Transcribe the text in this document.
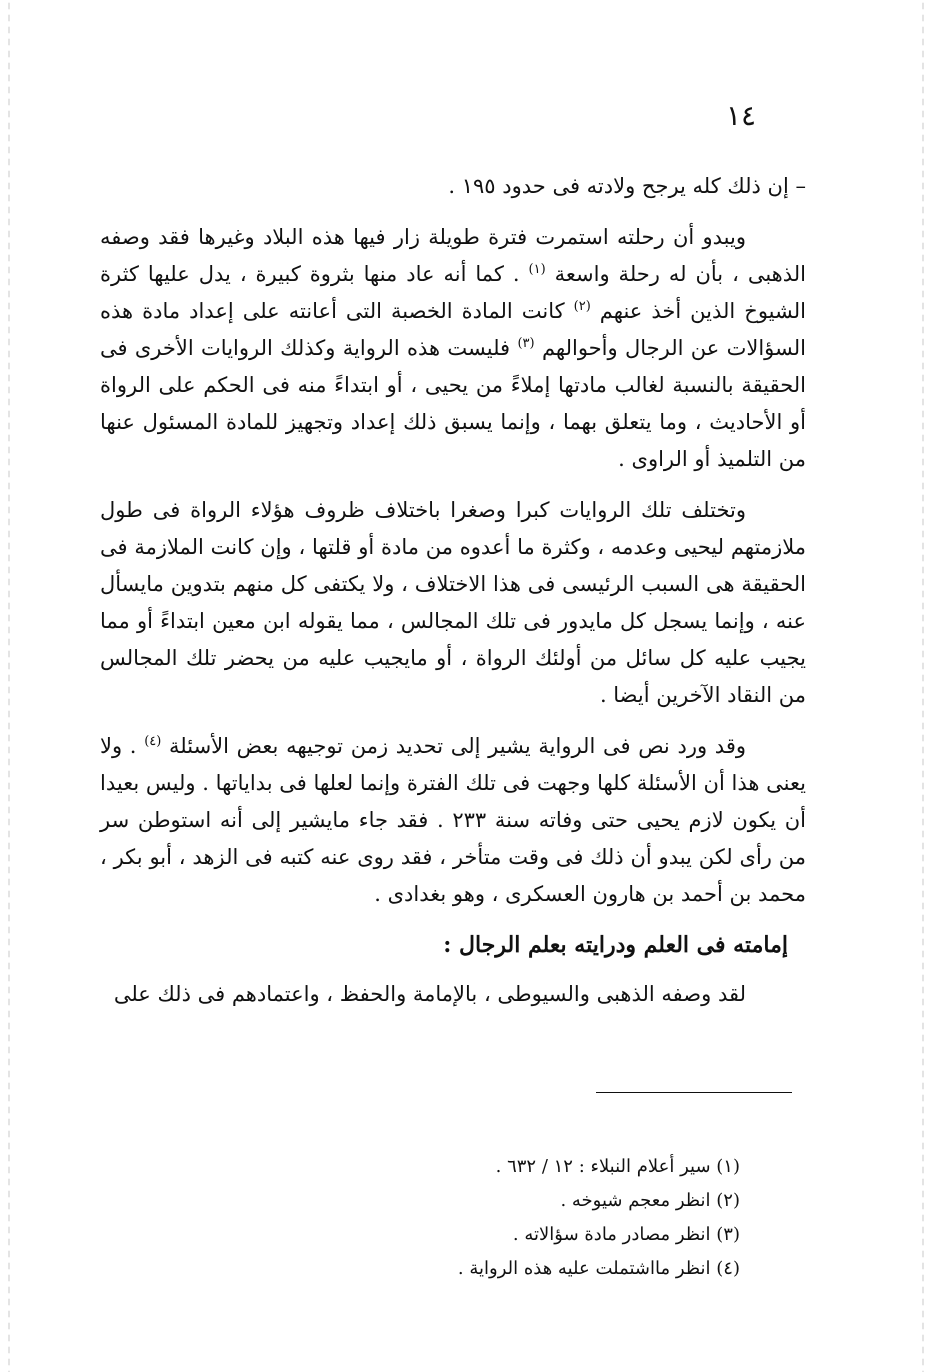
١٤

– إن ذلك كله يرجح ولادته فى حدود ١٩٥ .

ويبدو أن رحلته استمرت فترة طويلة زار فيها هذه البلاد وغيرها فقد وصفه الذهبى ، بأن له رحلة واسعة $^{(١)}$ . كما أنه عاد منها بثروة كبيرة ، يدل عليها كثرة الشيوخ الذين أخذ عنهم $^{(٢)}$ كانت المادة الخصبة التى أعانته على إعداد مادة هذه السؤالات عن الرجال وأحوالهم $^{(٣)}$ فليست هذه الرواية وكذلك الروايات الأخرى فى الحقيقة بالنسبة لغالب مادتها إملاءً من يحيى ، أو ابتداءً منه فى الحكم على الرواة أو الأحاديث ، وما يتعلق بهما ، وإنما يسبق ذلك إعداد وتجهيز للمادة المسئول عنها من التلميذ أو الراوى .

وتختلف تلك الروايات كبرا وصغرا باختلاف ظروف هؤلاء الرواة فى طول ملازمتهم ليحيى وعدمه ، وكثرة ما أعدوه من مادة أو قلتها ، وإن كانت الملازمة فى الحقيقة هى السبب الرئيسى فى هذا الاختلاف ، ولا يكتفى كل منهم بتدوين مايسأل عنه ، وإنما يسجل كل مايدور فى تلك المجالس ، مما يقوله ابن معين ابتداءً أو مما يجيب عليه كل سائل من أولئك الرواة ، أو مايجيب عليه من يحضر تلك المجالس من النقاد الآخرين أيضا .

وقد ورد نص فى الرواية يشير إلى تحديد زمن توجيهه بعض الأسئلة $^{(٤)}$ . ولا يعنى هذا أن الأسئلة كلها وجهت فى تلك الفترة وإنما لعلها فى بداياتها . وليس بعيدا أن يكون لازم يحيى حتى وفاته سنة ٢٣٣ . فقد جاء مايشير إلى أنه استوطن سر من رأى لكن يبدو أن ذلك فى وقت متأخر ، فقد روى عنه كتبه فى الزهد ، أبو بكر ، محمد بن أحمد بن هارون العسكرى ، وهو بغدادى .

إمامته فى العلم ودرايته بعلم الرجال :

لقد وصفه الذهبى والسيوطى ، بالإمامة والحفظ ، واعتمادهم فى ذلك على

(١) سير أعلام النبلاء : ١٢ / ٦٣٢ .
(٢) انظر معجم شيوخه .
(٣) انظر مصادر مادة سؤالاته .
(٤) انظر مااشتملت عليه هذه الرواية .
